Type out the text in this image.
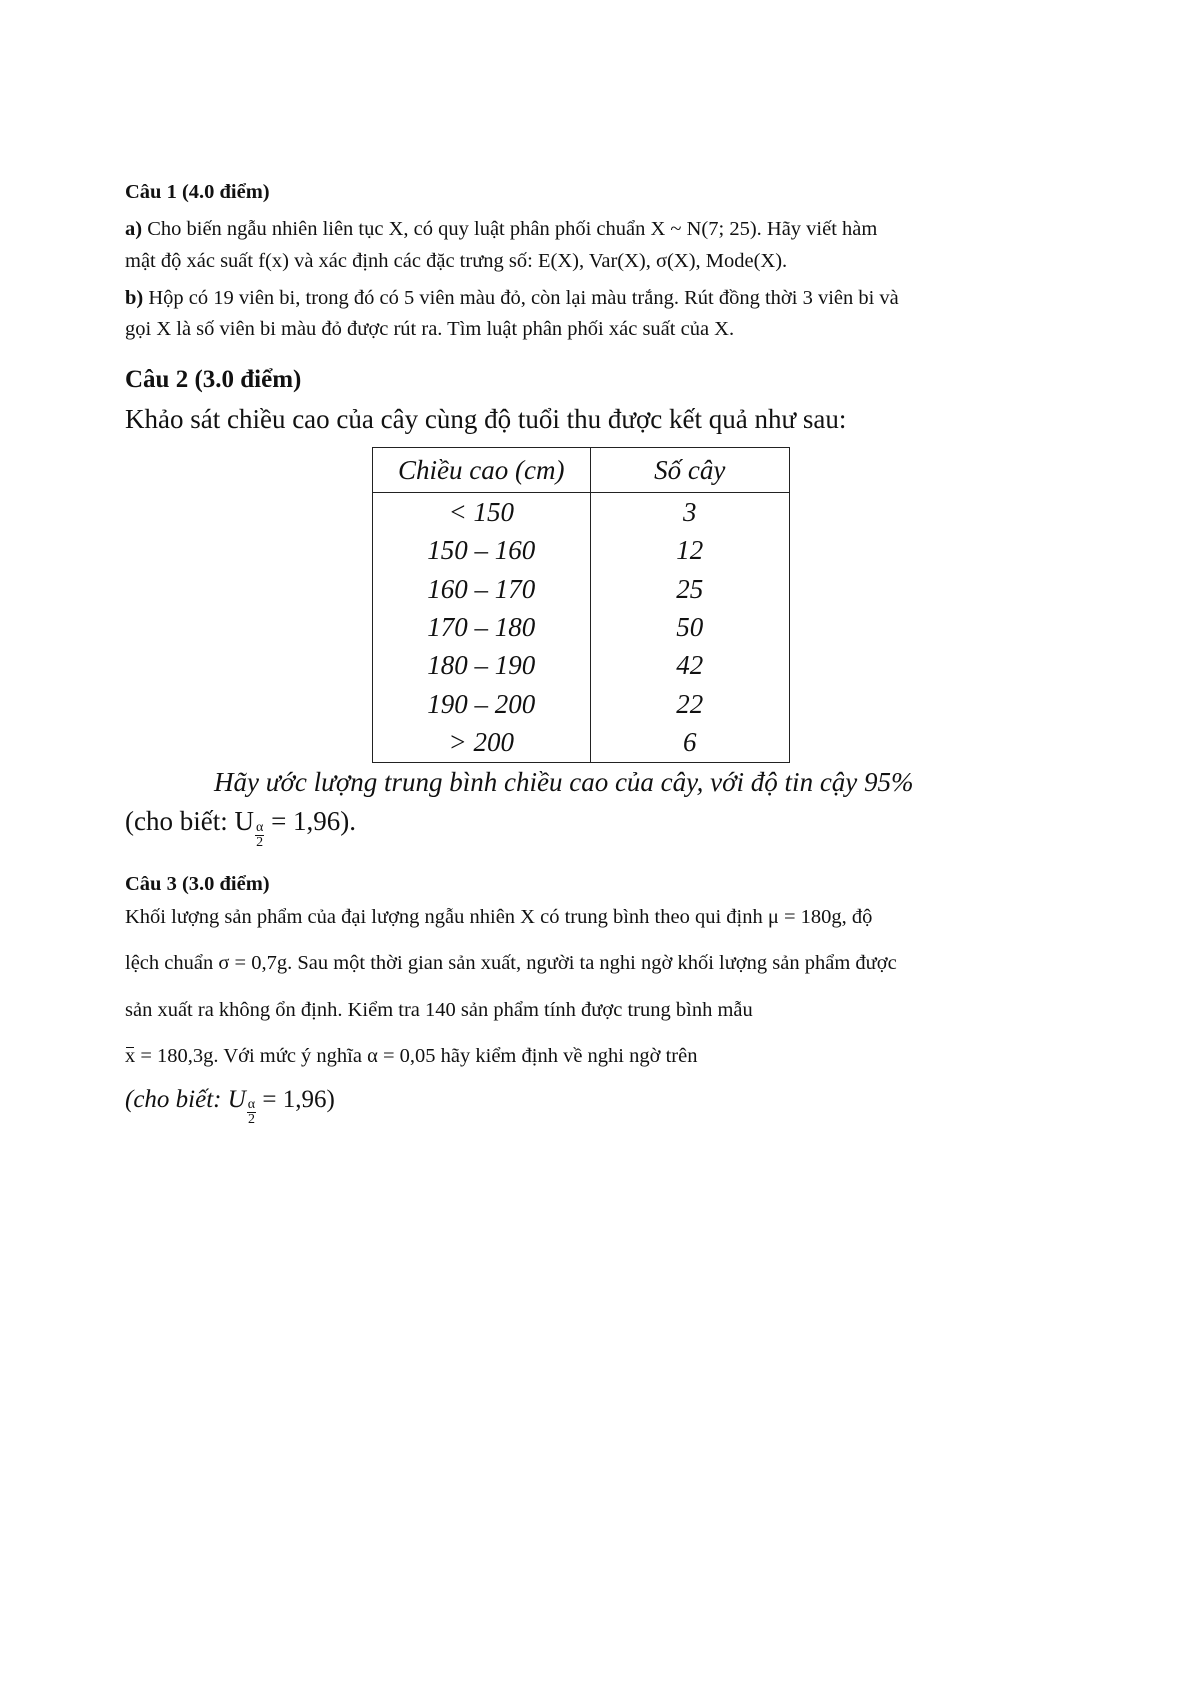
Câu 1 (4.0 điểm)
a) Cho biến ngẫu nhiên liên tục X, có quy luật phân phối chuẩn X ~ N(7; 25). Hãy viết hàm
mật độ xác suất f(x) và xác định các đặc trưng số: E(X), Var(X), σ(X), Mode(X).
b) Hộp có 19 viên bi, trong đó có 5 viên màu đỏ, còn lại màu trắng. Rút đồng thời 3 viên bi và
gọi X là số viên bi màu đỏ được rút ra. Tìm luật phân phối xác suất của X.
Câu 2 (3.0 điểm)
Khảo sát chiều cao của cây cùng độ tuổi thu được kết quả như sau:
Chiều cao (cm)	Số cây
< 150	3
150 – 160	12
160 – 170	25
170 – 180	50
180 – 190	42
190 – 200	22
> 200	6
Hãy ước lượng trung bình chiều cao của cây, với độ tin cậy 95%
(cho biết: U $\frac{\alpha}{2} = 1,96$).
Câu 3 (3.0 điểm)
Khối lượng sản phẩm của đại lượng ngẫu nhiên X có trung bình theo qui định μ = 180g, độ
lệch chuẩn σ = 0,7g. Sau một thời gian sản xuất, người ta nghi ngờ khối lượng sản phẩm được
sản xuất ra không ổn định. Kiểm tra 140 sản phẩm tính được trung bình mẫu
x = 180,3g. Với mức ý nghĩa α = 0,05 hãy kiểm định về nghi ngờ trên
(cho biết: U $\frac{\alpha}{2} = 1,96$)
